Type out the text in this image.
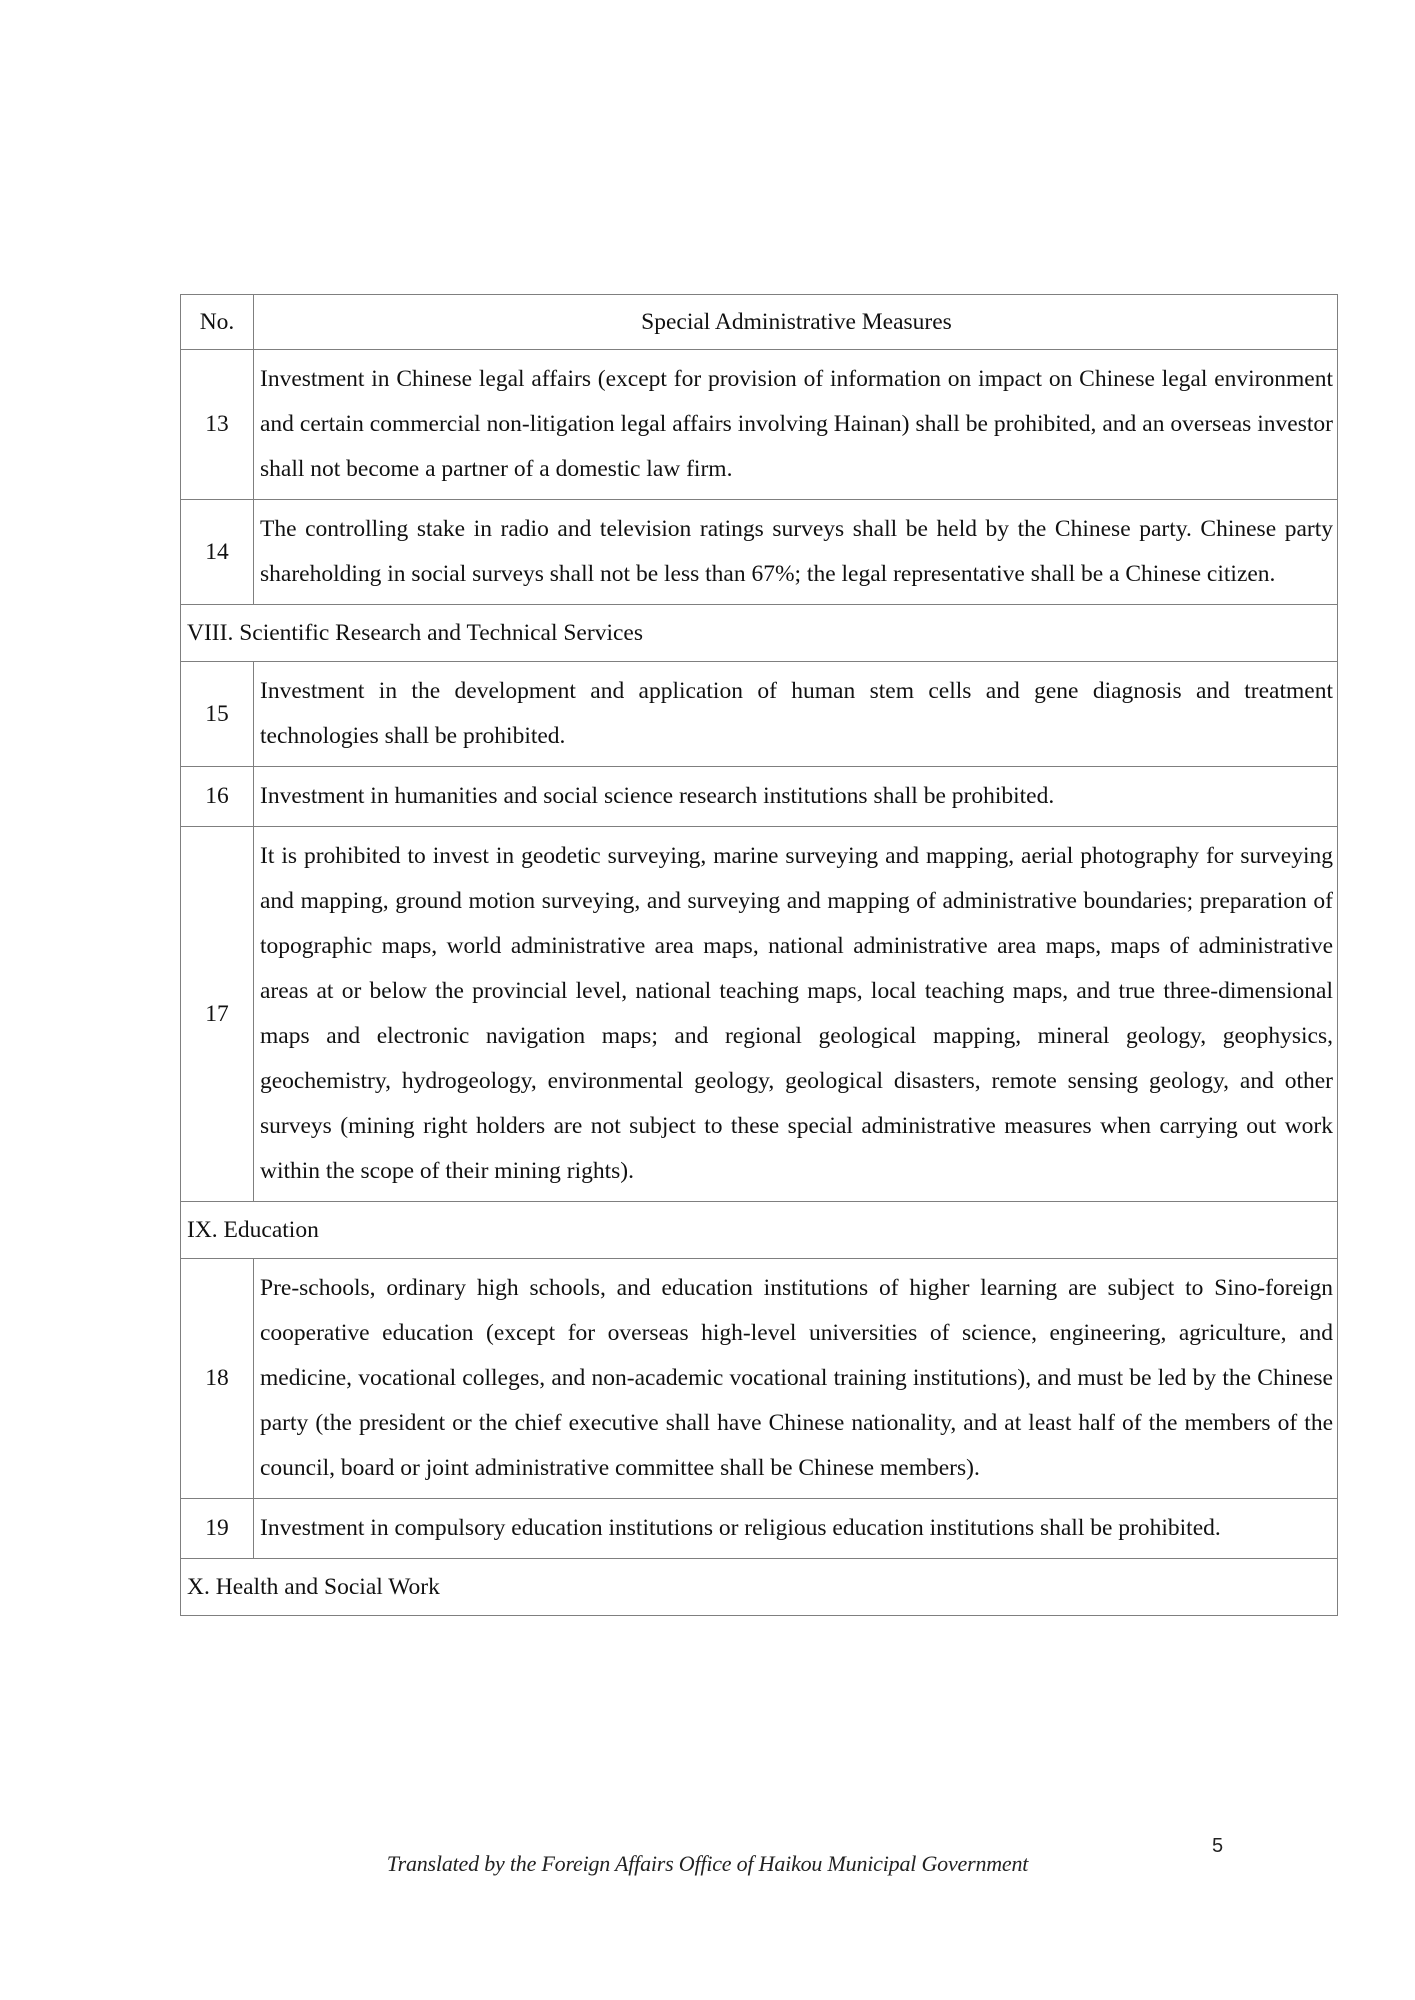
No.	Special Administrative Measures
13	Investment in Chinese legal affairs (except for provision of information on impact on Chinese legal environment and certain commercial non-litigation legal affairs involving Hainan) shall be prohibited, and an overseas investor shall not become a partner of a domestic law firm.
14	The controlling stake in radio and television ratings surveys shall be held by the Chinese party. Chinese party shareholding in social surveys shall not be less than 67%; the legal representative shall be a Chinese citizen.
VIII. Scientific Research and Technical Services	
15	Investment in the development and application of human stem cells and gene diagnosis and treatment technologies shall be prohibited.
16	Investment in humanities and social science research institutions shall be prohibited.
17	It is prohibited to invest in geodetic surveying, marine surveying and mapping, aerial photography for surveying and mapping, ground motion surveying, and surveying and mapping of administrative boundaries; preparation of topographic maps, world administrative area maps, national administrative area maps, maps of administrative areas at or below the provincial level, national teaching maps, local teaching maps, and true three-dimensional maps and electronic navigation maps; and regional geological mapping, mineral geology, geophysics, geochemistry, hydrogeology, environmental geology, geological disasters, remote sensing geology, and other surveys (mining right holders are not subject to these special administrative measures when carrying out work within the scope of their mining rights).
IX. Education	
18	Pre-schools, ordinary high schools, and education institutions of higher learning are subject to Sino-foreign cooperative education (except for overseas high-level universities of science, engineering, agriculture, and medicine, vocational colleges, and non-academic vocational training institutions), and must be led by the Chinese party (the president or the chief executive shall have Chinese nationality, and at least half of the members of the council, board or joint administrative committee shall be Chinese members).
19	Investment in compulsory education institutions or religious education institutions shall be prohibited.
X. Health and Social Work	
Translated by the Foreign Affairs Office of Haikou Municipal Government
5
